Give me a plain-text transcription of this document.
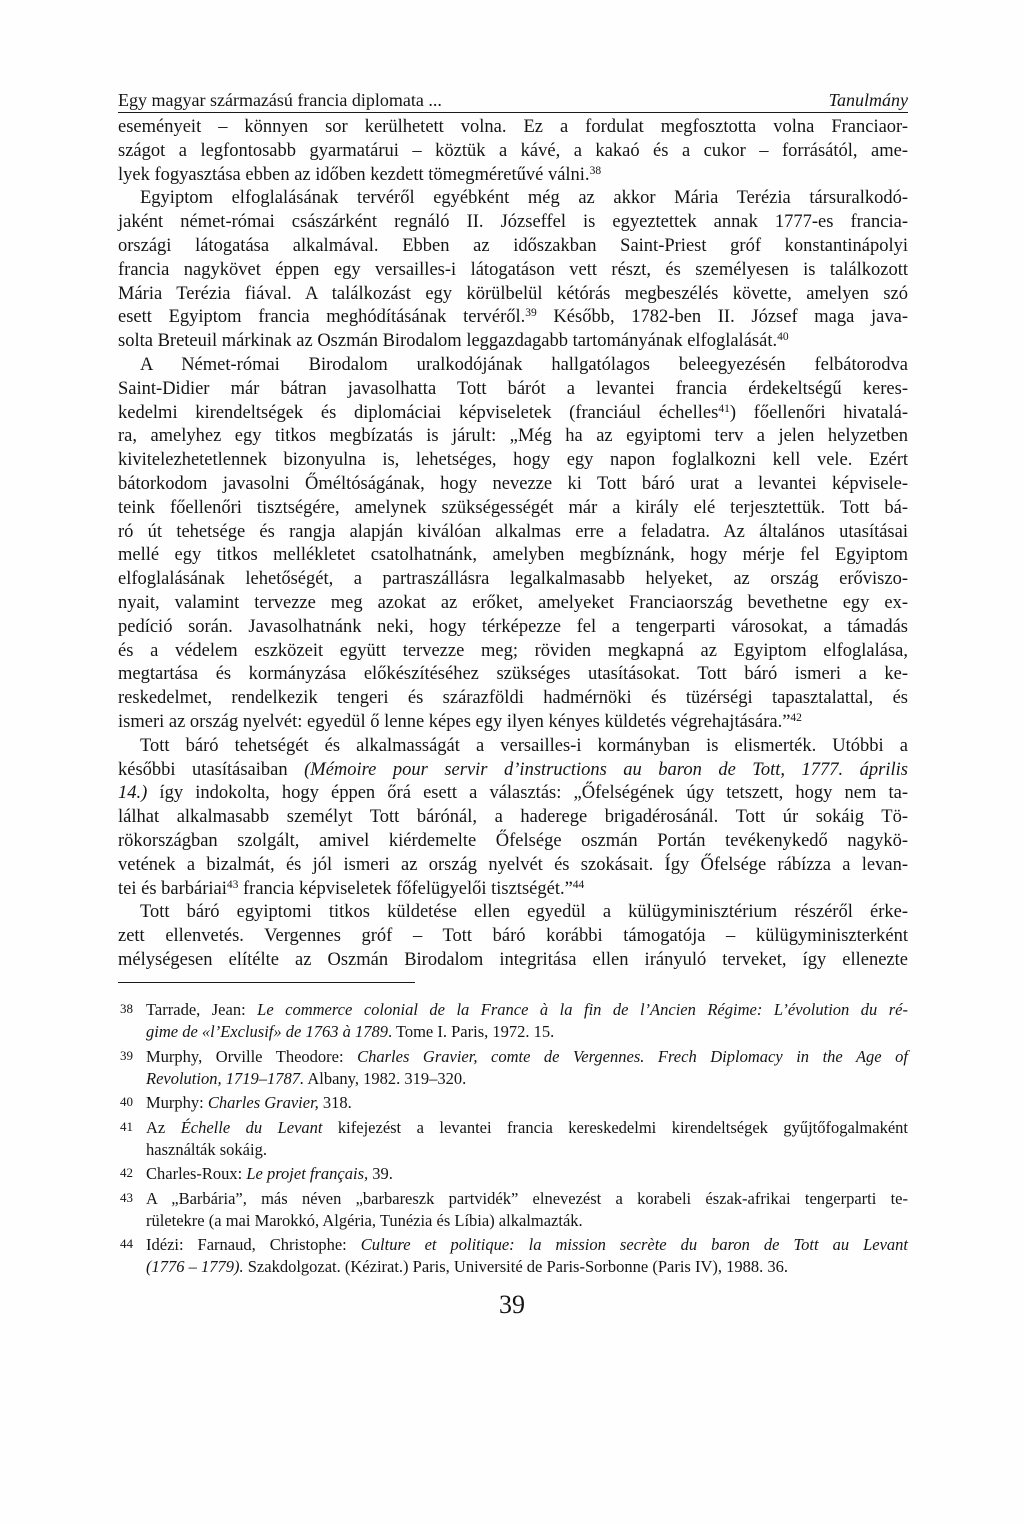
Egy magyar származású francia diplomata ...	Tanulmány
eseményeit – könnyen sor kerülhetett volna. Ez a fordulat megfosztotta volna Franciaor-
szágot a legfontosabb gyarmatárui – köztük a kávé, a kakaó és a cukor – forrásától, ame-
lyek fogyasztása ebben az időben kezdett tömegméretűvé válni.$^{38}$
Egyiptom elfoglalásának tervéről egyébként még az akkor Mária Terézia társuralkodó-
jaként német-római császárként regnáló II. Józseffel is egyeztettek annak 1777-es francia-
országi látogatása alkalmával. Ebben az időszakban Saint-Priest gróf konstantinápolyi
francia nagykövet éppen egy versailles-i látogatáson vett részt, és személyesen is találkozott
Mária Terézia fiával. A találkozást egy körülbelül kétórás megbeszélés követte, amelyen szó
esett Egyiptom francia meghódításának tervéről.$^{39}$ Később, 1782-ben II. József maga java-
solta Breteuil márkinak az Oszmán Birodalom leggazdagabb tartományának elfoglalását.$^{40}$
A Német-római Birodalom uralkodójának hallgatólagos beleegyezésén felbátorodva
Saint-Didier már bátran javasolhatta Tott bárót a levantei francia érdekeltségű keres-
kedelmi kirendeltségek és diplomáciai képviseletek (franciául échelles$^{41}$) főellenőri hivatalá-
ra, amelyhez egy titkos megbízatás is járult: „Még ha az egyiptomi terv a jelen helyzetben
kivitelezhetetlennek bizonyulna is, lehetséges, hogy egy napon foglalkozni kell vele. Ezért
bátorkodom javasolni Őméltóságának, hogy nevezze ki Tott báró urat a levantei képvisele-
teink főellenőri tisztségére, amelynek szükségességét már a király elé terjesztettük. Tott bá-
ró út tehetsége és rangja alapján kiválóan alkalmas erre a feladatra. Az általános utasításai
mellé egy titkos mellékletet csatolhatnánk, amelyben megbíznánk, hogy mérje fel Egyiptom
elfoglalásának lehetőségét, a partraszállásra legalkalmasabb helyeket, az ország erőviszo-
nyait, valamint tervezze meg azokat az erőket, amelyeket Franciaország bevethetne egy ex-
pedíció során. Javasolhatnánk neki, hogy térképezze fel a tengerparti városokat, a támadás
és a védelem eszközeit együtt tervezze meg; röviden megkapná az Egyiptom elfoglalása,
megtartása és kormányzása előkészítéséhez szükséges utasításokat. Tott báró ismeri a ke-
reskedelmet, rendelkezik tengeri és szárazföldi hadmérnöki és tüzérségi tapasztalattal, és
ismeri az ország nyelvét: egyedül ő lenne képes egy ilyen kényes küldetés végrehajtására.”$^{42}$
Tott báró tehetségét és alkalmasságát a versailles-i kormányban is elismerték. Utóbbi a
későbbi utasításaiban (Mémoire pour servir d’instructions au baron de Tott, 1777. április
14.) így indokolta, hogy éppen őrá esett a választás: „Őfelségének úgy tetszett, hogy nem ta-
lálhat alkalmasabb személyt Tott bárónál, a haderege brigadérosánál. Tott úr sokáig Tö-
rökországban szolgált, amivel kiérdemelte Őfelsége oszmán Portán tevékenykedő nagykö-
vetének a bizalmát, és jól ismeri az ország nyelvét és szokásait. Így Őfelsége rábízza a levan-
tei és barbáriai$^{43}$ francia képviseletek főfelügyelői tisztségét.”$^{44}$
Tott báró egyiptomi titkos küldetése ellen egyedül a külügyminisztérium részéről érke-
zett ellenvetés. Vergennes gróf – Tott báró korábbi támogatója – külügyminiszterként
mélységesen elítélte az Oszmán Birodalom integritása ellen irányuló terveket, így ellenezte
38 Tarrade, Jean: Le commerce colonial de la France à la fin de l’Ancien Régime: L’évolution du ré-
gime de «l’Exclusif» de 1763 à 1789. Tome I. Paris, 1972. 15.
39 Murphy, Orville Theodore: Charles Gravier, comte de Vergennes. Frech Diplomacy in the Age of
Revolution, 1719–1787. Albany, 1982. 319–320.
40 Murphy: Charles Gravier, 318.
41 Az Échelle du Levant kifejezést a levantei francia kereskedelmi kirendeltségek gyűjtőfogalmaként
használták sokáig.
42 Charles-Roux: Le projet français, 39.
43 A „Barbária”, más néven „barbareszk partvidék” elnevezést a korabeli észak-afrikai tengerparti te-
rületekre (a mai Marokkó, Algéria, Tunézia és Líbia) alkalmazták.
44 Idézi: Farnaud, Christophe: Culture et politique: la mission secrète du baron de Tott au Levant
(1776 – 1779). Szakdolgozat. (Kézirat.) Paris, Université de Paris-Sorbonne (Paris IV), 1988. 36.
39
